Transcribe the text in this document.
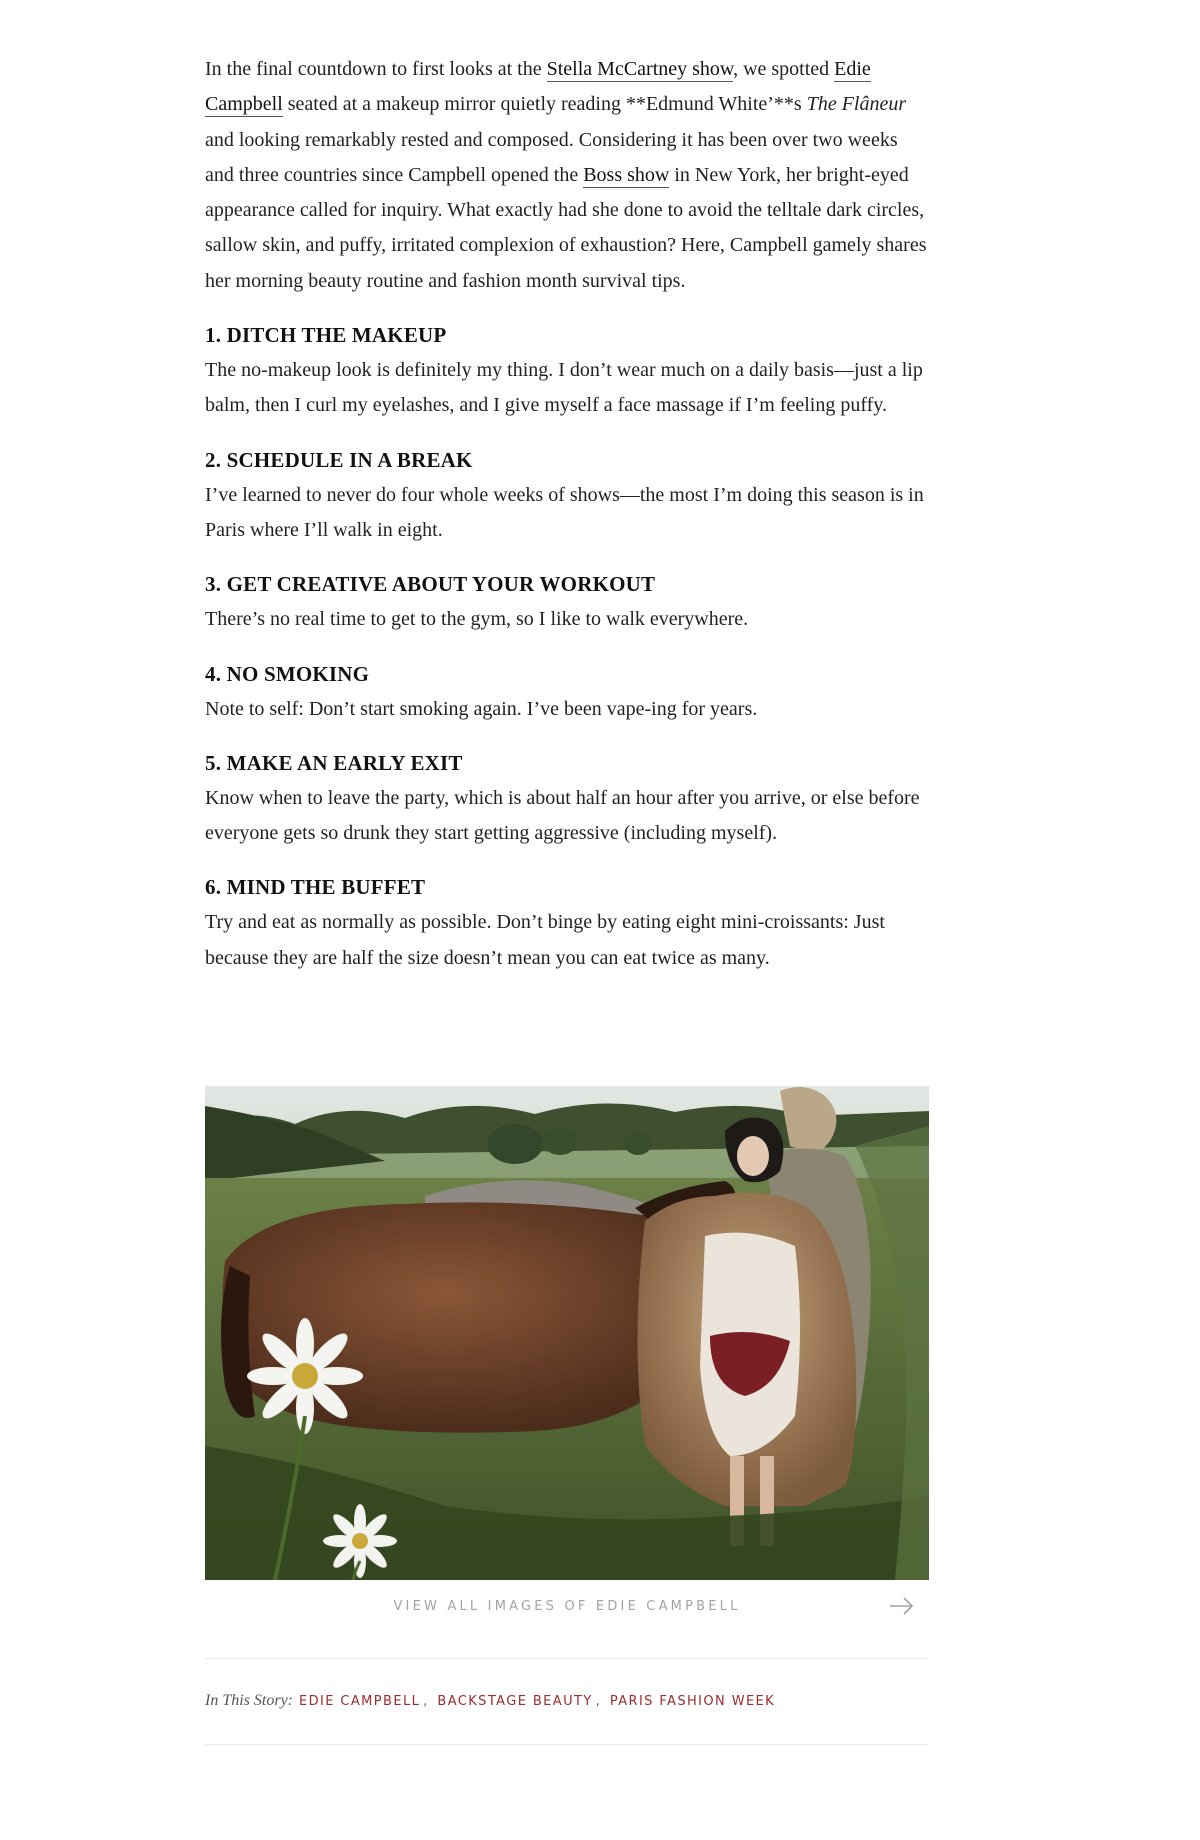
In the final countdown to first looks at the Stella McCartney show, we spotted Edie Campbell seated at a makeup mirror quietly reading **Edmund White’**s The Flâneur and looking remarkably rested and composed. Considering it has been over two weeks and three countries since Campbell opened the Boss show in New York, her bright-eyed appearance called for inquiry. What exactly had she done to avoid the telltale dark circles, sallow skin, and puffy, irritated complexion of exhaustion? Here, Campbell gamely shares her morning beauty routine and fashion month survival tips.

1. DITCH THE MAKEUP

The no-makeup look is definitely my thing. I don’t wear much on a daily basis—just a lip balm, then I curl my eyelashes, and I give myself a face massage if I’m feeling puffy.

2. SCHEDULE IN A BREAK

I’ve learned to never do four whole weeks of shows—the most I’m doing this season is in Paris where I’ll walk in eight.

3. GET CREATIVE ABOUT YOUR WORKOUT

There’s no real time to get to the gym, so I like to walk everywhere.

4. NO SMOKING

Note to self: Don’t start smoking again. I’ve been vape-ing for years.

5. MAKE AN EARLY EXIT

Know when to leave the party, which is about half an hour after you arrive, or else before everyone gets so drunk they start getting aggressive (including myself).

6. MIND THE BUFFET

Try and eat as normally as possible. Don’t binge by eating eight mini-croissants: Just because they are half the size doesn’t mean you can eat twice as many.

VIEW ALL IMAGES OF EDIE CAMPBELL
In This Story: EDIE CAMPBELL , BACKSTAGE BEAUTY , PARIS FASHION WEEK
